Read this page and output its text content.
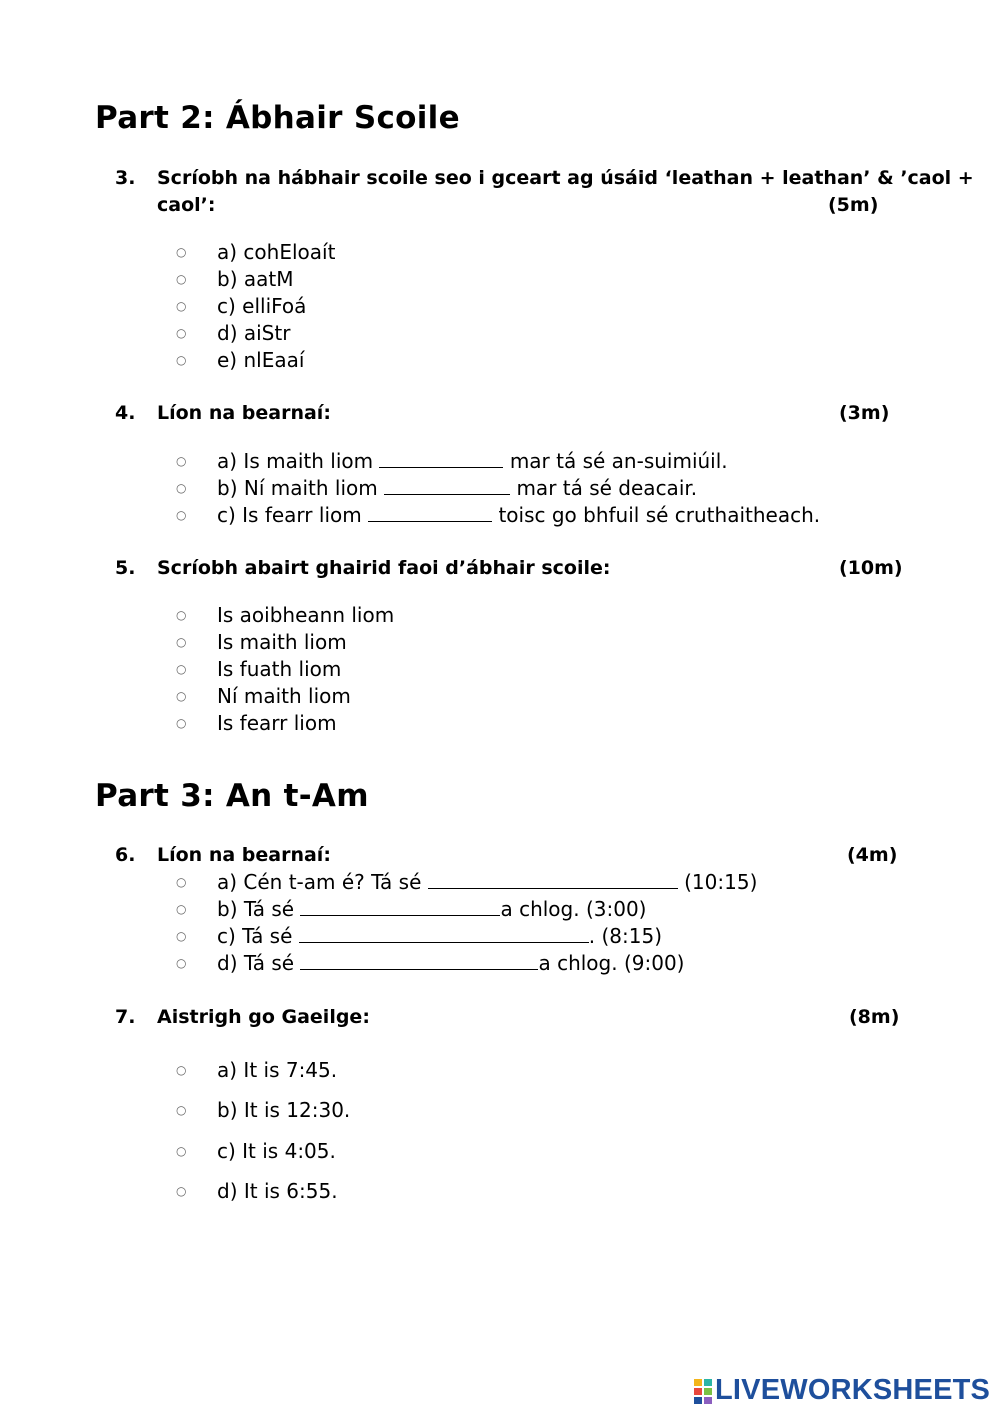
Part 2: Ábhair Scoile
3. Scríobh na hábhair scoile seo i gceart ag úsáid ‘leathan + leathan’ & ’caol +
caol’:	(5m)
○ a) cohEloaít
○ b) aatM
○ c) elliFoá
○ d) aiStr
○ e) nlEaaí
4. Líon na bearnaí:	(3m)
○ a) Is maith liom	mar tá sé an-suimiúil.
○ b) Ní maith liom	mar tá sé deacair.
○ c) Is fearr liom	toisc go bhfuil sé cruthaitheach.
5. Scríobh abairt ghairid faoi d’ábhair scoile:	(10m)
○ Is aoibheann liom
○ Is maith liom
○ Is fuath liom
○ Ní maith liom
○ Is fearr liom
Part 3: An t-Am
6. Líon na bearnaí:	(4m)
○ a) Cén t-am é? Tá sé	(10:15)
○ b) Tá sé	a chlog. (3:00)
○ c) Tá sé	. (8:15)
○ d) Tá sé	a chlog. (9:00)
7. Aistrigh go Gaeilge:	(8m)
○ a) It is 7:45.
○ b) It is 12:30.
○ c) It is 4:05.
○ d) It is 6:55.
LIVEWORKSHEETS
